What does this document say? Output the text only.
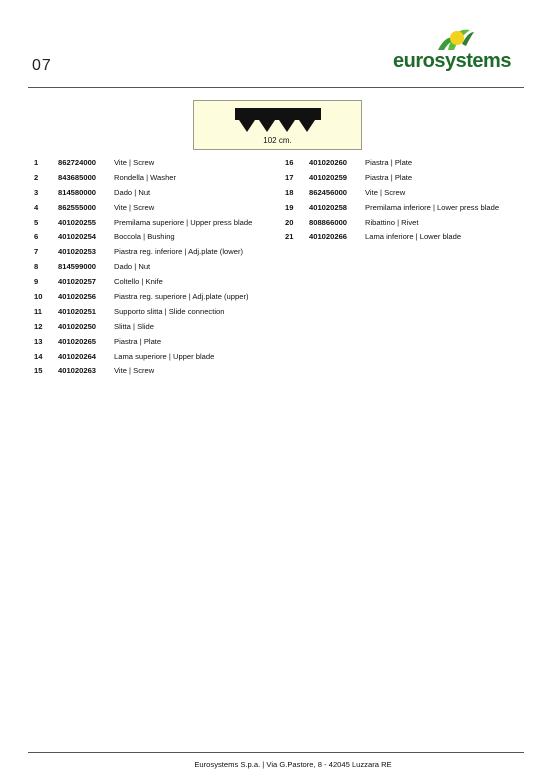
07	eurosystems
102 cm.
1	862724000 Vite | Screw
2	843685000 Rondella | Washer
3	814580000 Dado | Nut
4	862555000 Vite | Screw
5	401020255 Premilama superiore | Upper press blade
6	401020254 Boccola | Bushing
7	401020253 Piastra reg. inferiore | Adj.plate (lower)
8	814599000 Dado | Nut
9	401020257 Coltello | Knife
10 401020256 Piastra reg. superiore | Adj.plate (upper)
11 401020251 Supporto slitta | Slide connection
12 401020250 Slitta | Slide
13 401020265 Piastra | Plate
14 401020264 Lama superiore | Upper blade
15 401020263 Vite | Screw
16 401020260 Piastra | Plate
17 401020259 Piastra | Plate
18 862456000 Vite | Screw
19 401020258 Premilama inferiore | Lower press blade
20 808866000 Ribattino | Rivet
21 401020266 Lama inferiore | Lower blade
Eurosystems S.p.a. | Via G.Pastore, 8 - 42045 Luzzara RE
